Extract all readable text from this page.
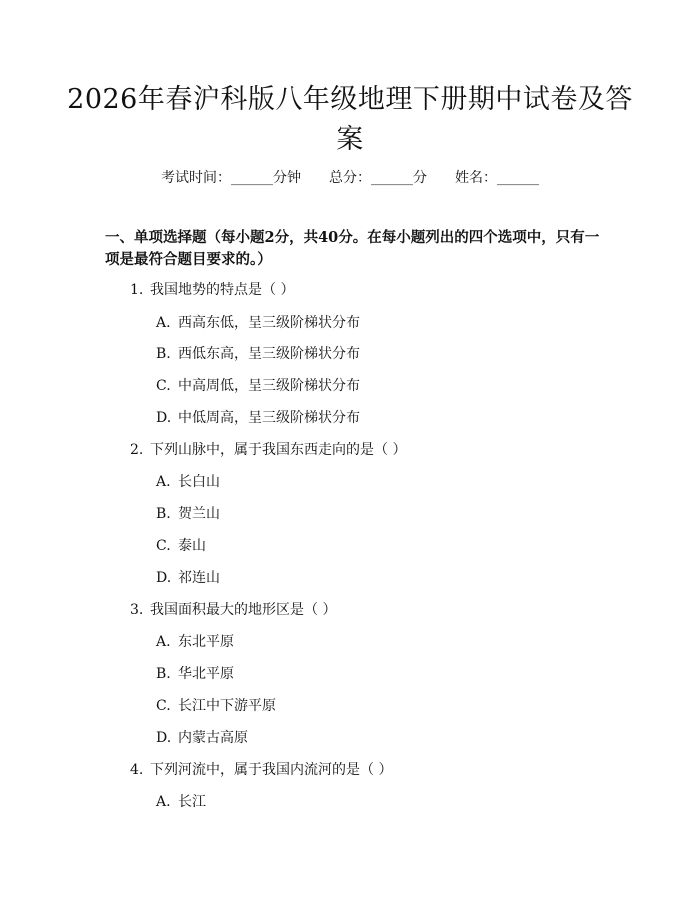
2026年春沪科版八年级地理下册期中试卷及答案
考试时间：______分钟 总分：______分 姓名：______
一、单项选择题（每小题2分，共40分。在每小题列出的四个选项中，只有一项是最符合题目要求的。）
1. 我国地势的特点是（ ）
A. 西高东低，呈三级阶梯状分布
B. 西低东高，呈三级阶梯状分布
C. 中高周低，呈三级阶梯状分布
D. 中低周高，呈三级阶梯状分布
2. 下列山脉中，属于我国东西走向的是（ ）
A. 长白山
B. 贺兰山
C. 泰山
D. 祁连山
3. 我国面积最大的地形区是（ ）
A. 东北平原
B. 华北平原
C. 长江中下游平原
D. 内蒙古高原
4. 下列河流中，属于我国内流河的是（ ）
A. 长江
